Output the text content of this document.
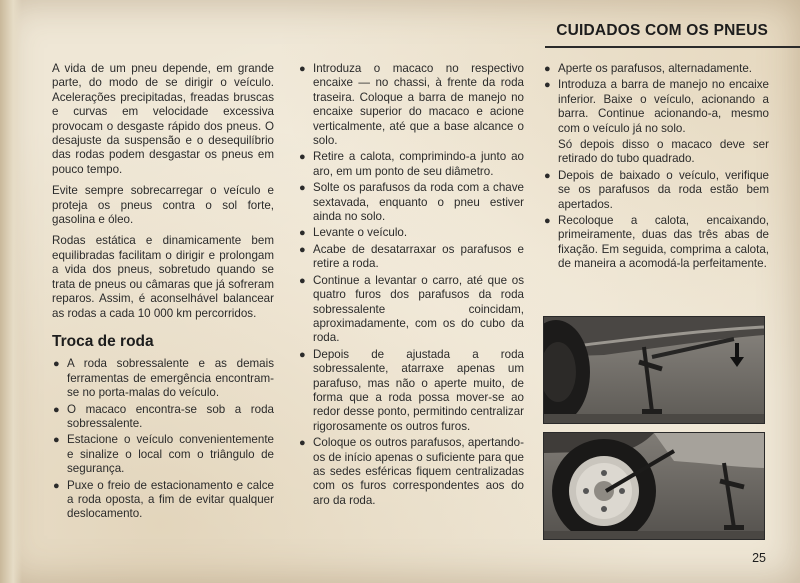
CUIDADOS COM OS PNEUS

A vida de um pneu depende, em grande parte, do modo de se dirigir o veículo. Acelerações precipitadas, freadas bruscas e curvas em velocidade excessiva provocam o desgaste rápido dos pneus. O desajuste da suspensão e o desequilíbrio das rodas podem desgastar os pneus em pouco tempo.

Evite sempre sobrecarregar o veículo e proteja os pneus contra o sol forte, gasolina e óleo.

Rodas estática e dinamicamente bem equilibradas facilitam o dirigir e prolongam a vida dos pneus, sobretudo quando se trata de pneus ou câmaras que já sofreram reparos. Assim, é aconselhável balancear as rodas a cada 10 000 km percorridos.

Troca de roda
● A roda sobressalente e as demais ferramentas de emergência encontram-se no porta-malas do veículo.
● O macaco encontra-se sob a roda sobressalente.
● Estacione o veículo convenientemente e sinalize o local com o triângulo de segurança.
● Puxe o freio de estacionamento e calce a roda oposta, a fim de evitar qualquer deslocamento.
● Introduza o macaco no respectivo encaixe — no chassi, à frente da roda traseira. Coloque a barra de manejo no encaixe superior do macaco e acione verticalmente, até que a base alcance o solo.
● Retire a calota, comprimindo-a junto ao aro, em um ponto de seu diâmetro.
● Solte os parafusos da roda com a chave sextavada, enquanto o pneu estiver ainda no solo.
● Levante o veículo.
● Acabe de desatarraxar os parafusos e retire a roda.
● Continue a levantar o carro, até que os quatro furos dos parafusos da roda sobressalente coincidam, aproximadamente, com os do cubo da roda.
● Depois de ajustada a roda sobressalente, atarraxe apenas um parafuso, mas não o aperte muito, de forma que a roda possa mover-se ao redor desse ponto, permitindo centralizar rigorosamente os outros furos.
● Coloque os outros parafusos, apertando-os de início apenas o suficiente para que as sedes esféricas fiquem centralizadas com os furos correspondentes aos do aro da roda.
● Aperte os parafusos, alternadamente.
● Introduza a barra de manejo no encaixe inferior. Baixe o veículo, acionando a barra. Continue acionando-a, mesmo com o veículo já no solo.
Só depois disso o macaco deve ser retirado do tubo quadrado.
● Depois de baixado o veículo, verifique se os parafusos da roda estão bem apertados.
● Recoloque a calota, encaixando, primeiramente, duas das três abas de fixação. Em seguida, comprima a calota, de maneira a acomodá-la perfeitamente.
25
